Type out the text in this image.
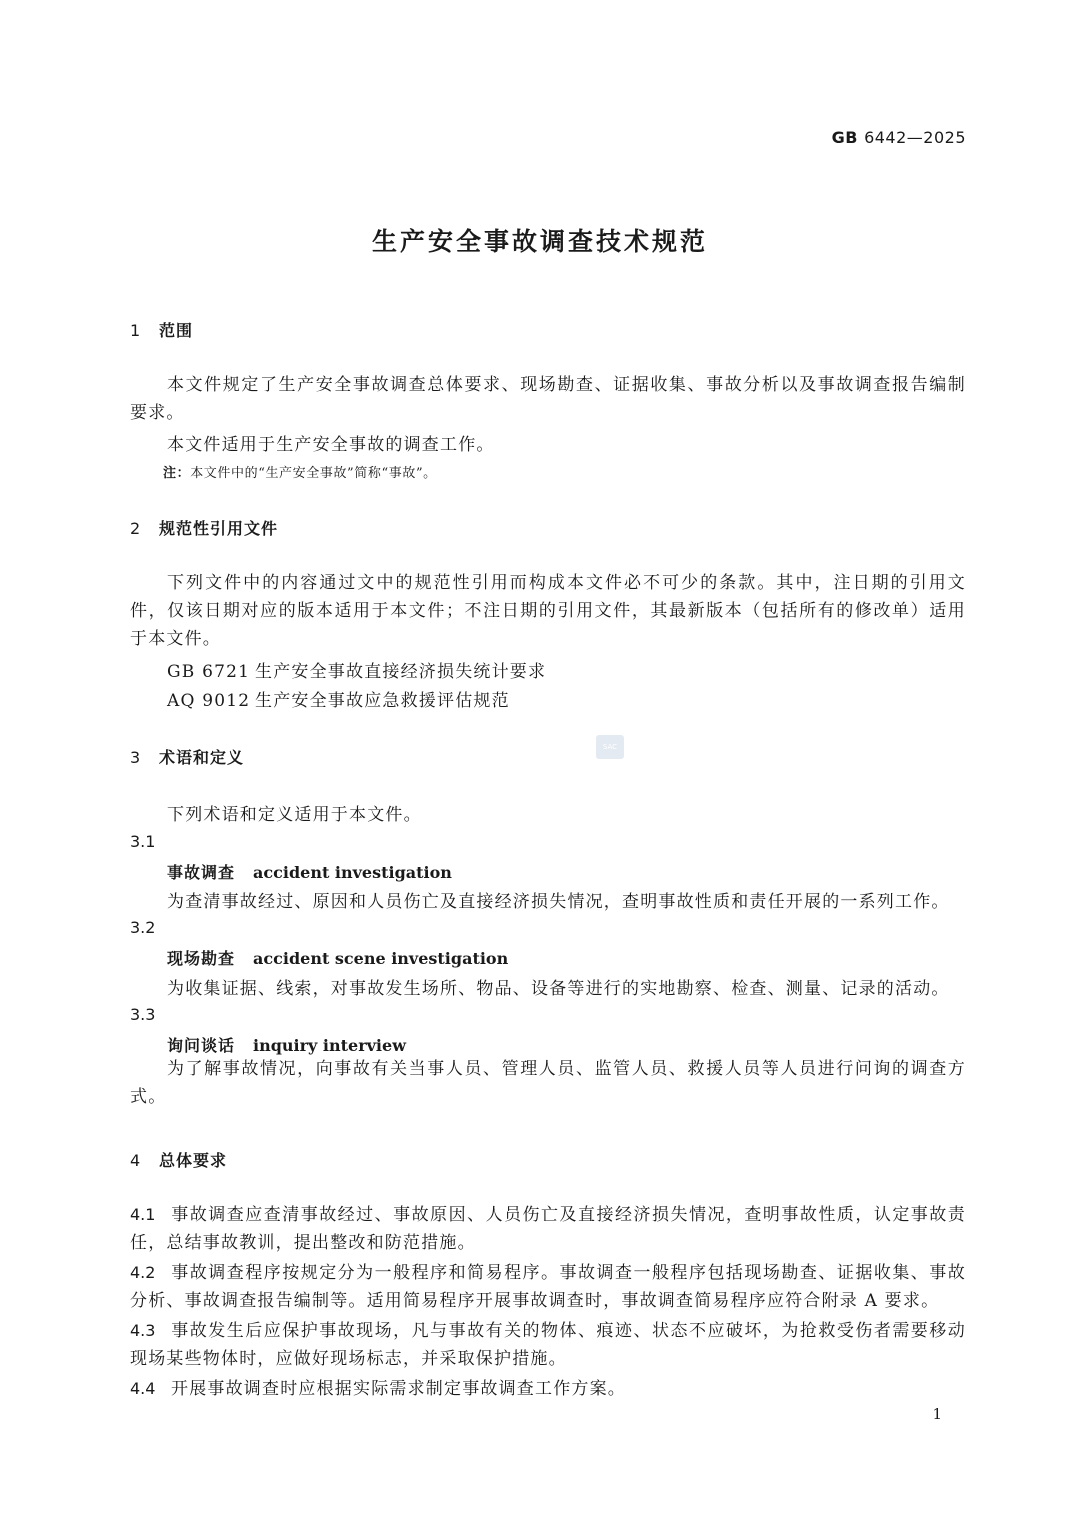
GB 6442—2025
生产安全事故调查技术规范
1 范围
本文件规定了生产安全事故调查总体要求、现场勘查、证据收集、事故分析以及事故调查报告编制要求。
本文件适用于生产安全事故的调查工作。
注：本文件中的“生产安全事故”简称“事故”。
2 规范性引用文件
下列文件中的内容通过文中的规范性引用而构成本文件必不可少的条款。其中，注日期的引用文件，仅该日期对应的版本适用于本文件；不注日期的引用文件，其最新版本（包括所有的修改单）适用于本文件。
GB 6721 生产安全事故直接经济损失统计要求
AQ 9012 生产安全事故应急救援评估规范
3 术语和定义
SAC
下列术语和定义适用于本文件。
3.1
事故调查 accident investigation
为查清事故经过、原因和人员伤亡及直接经济损失情况，查明事故性质和责任开展的一系列工作。
3.2
现场勘查 accident scene investigation
为收集证据、线索，对事故发生场所、物品、设备等进行的实地勘察、检查、测量、记录的活动。
3.3
询问谈话 inquiry interview
为了解事故情况，向事故有关当事人员、管理人员、监管人员、救援人员等人员进行问询的调查方式。
4 总体要求
4.1 事故调查应查清事故经过、事故原因、人员伤亡及直接经济损失情况，查明事故性质，认定事故责任，总结事故教训，提出整改和防范措施。
4.2 事故调查程序按规定分为一般程序和简易程序。事故调查一般程序包括现场勘查、证据收集、事故分析、事故调查报告编制等。适用简易程序开展事故调查时，事故调查简易程序应符合附录 A 要求。
4.3 事故发生后应保护事故现场，凡与事故有关的物体、痕迹、状态不应破坏，为抢救受伤者需要移动现场某些物体时，应做好现场标志，并采取保护措施。
4.4 开展事故调查时应根据实际需求制定事故调查工作方案。
1
